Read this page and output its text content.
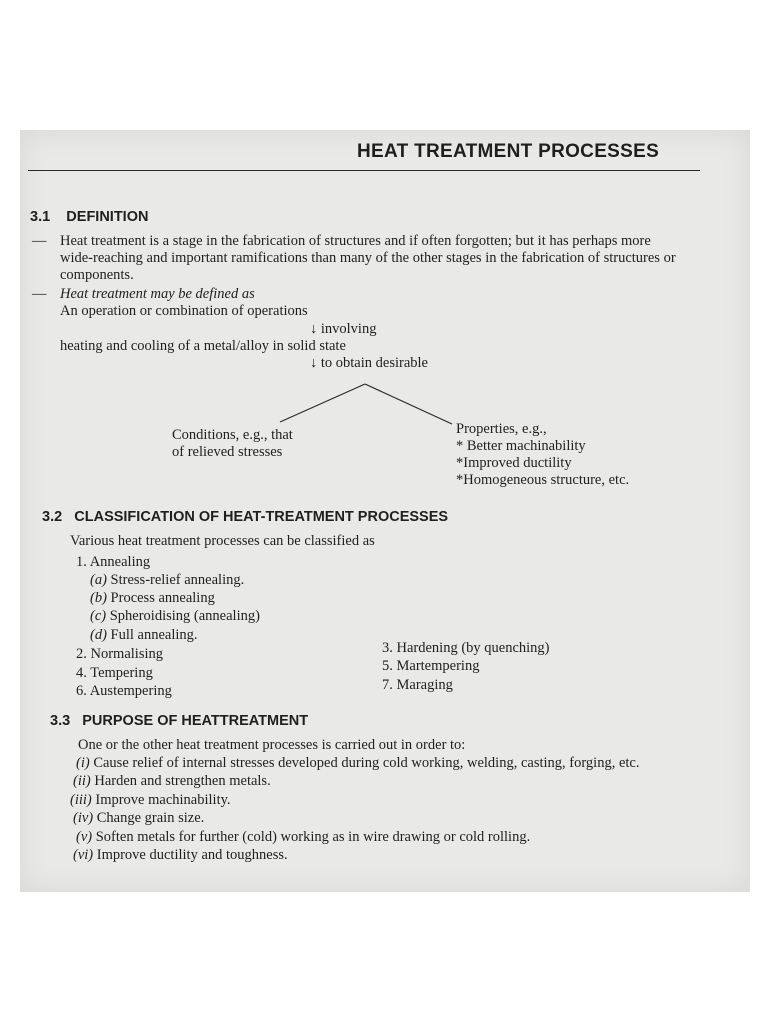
HEAT TREATMENT PROCESSES
3.1 DEFINITION
— Heat treatment is a stage in the fabrication of structures and if often forgotten; but it has perhaps more
wide-reaching and important ramifications than many of the other stages in the fabrication of structures or
components.
— Heat treatment may be defined as
An operation or combination of operations
↓ involving
heating and cooling of a metal/alloy in solid state
↓ to obtain desirable
Conditions, e.g., that
of relieved stresses
Properties, e.g.,
* Better machinability
*Improved ductility
*Homogeneous structure, etc.
3.2 CLASSIFICATION OF HEAT-TREATMENT PROCESSES
Various heat treatment processes can be classified as
1. Annealing
(a) Stress-relief annealing.
(b) Process annealing
(c) Spheroidising (annealing)
(d) Full annealing.
2. Normalising
4. Tempering
6. Austempering
3. Hardening (by quenching)
5. Martempering
7. Maraging
3.3 PURPOSE OF HEATTREATMENT
One or the other heat treatment processes is carried out in order to:
(i) Cause relief of internal stresses developed during cold working, welding, casting, forging, etc.
(ii) Harden and strengthen metals.
(iii) Improve machinability.
(iv) Change grain size.
(v) Soften metals for further (cold) working as in wire drawing or cold rolling.
(vi) Improve ductility and toughness.
